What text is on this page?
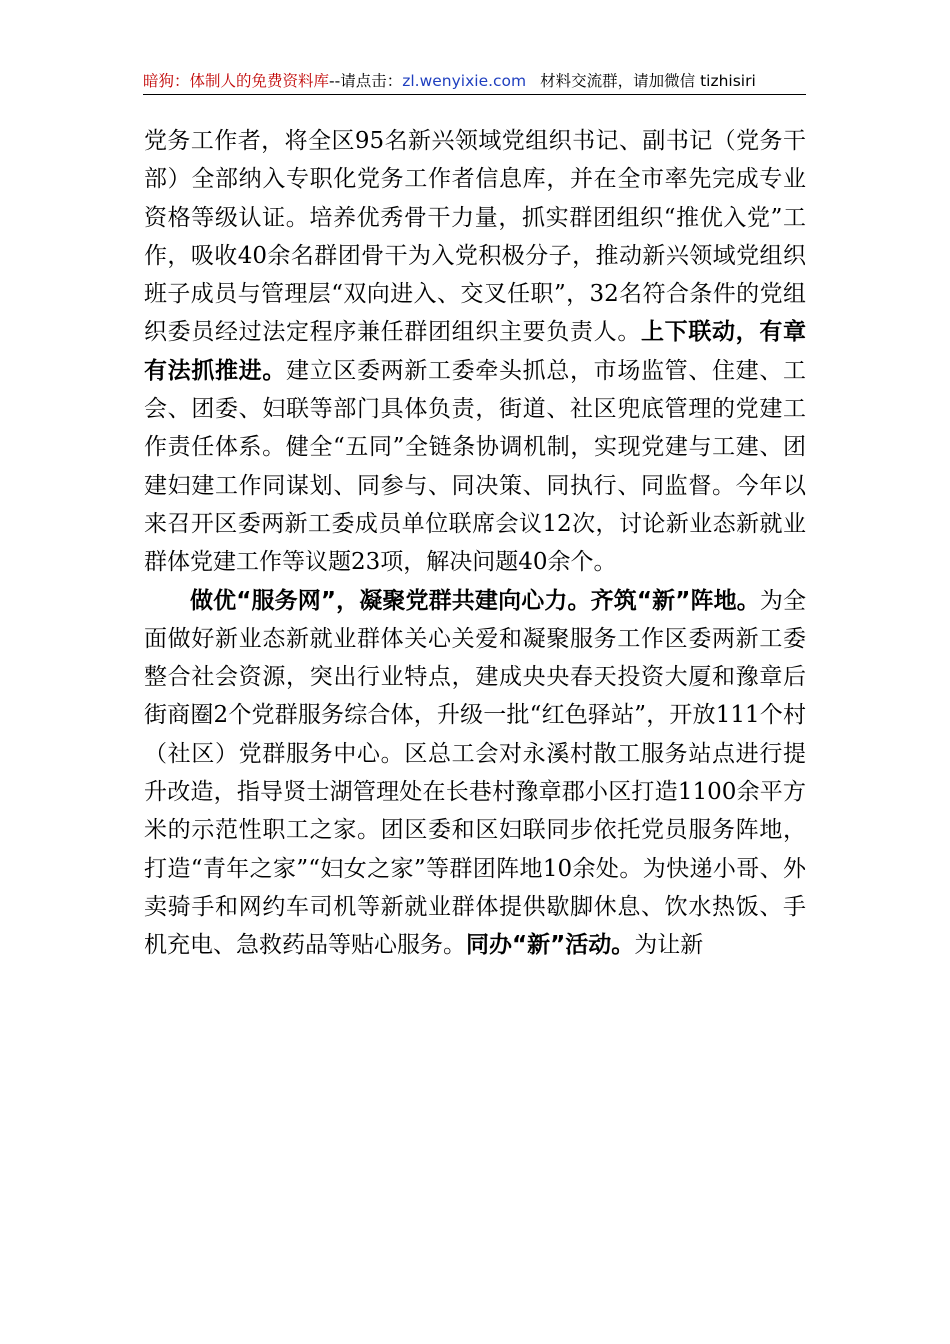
暗狗：体制人的免费资料库--请点击：zl.wenyixie.com 材料交流群，请加微信 tizhisiri

党务工作者，将全区95名新兴领域党组织书记、副书记（党务干部）全部纳入专职化党务工作者信息库，并在全市率先完成专业资格等级认证。培养优秀骨干力量，抓实群团组织“推优入党”工作，吸收40余名群团骨干为入党积极分子，推动新兴领域党组织班子成员与管理层“双向进入、交叉任职”，32名符合条件的党组织委员经过法定程序兼任群团组织主要负责人。上下联动，有章有法抓推进。建立区委两新工委牵头抓总，市场监管、住建、工会、团委、妇联等部门具体负责，街道、社区兜底管理的党建工作责任体系。健全“五同”全链条协调机制，实现党建与工建、团建妇建工作同谋划、同参与、同决策、同执行、同监督。今年以来召开区委两新工委成员单位联席会议12次，讨论新业态新就业群体党建工作等议题23项，解决问题40余个。

做优“服务网”，凝聚党群共建向心力。齐筑“新”阵地。为全面做好新业态新就业群体关心关爱和凝聚服务工作区委两新工委整合社会资源，突出行业特点，建成央央春天投资大厦和豫章后街商圈2个党群服务综合体，升级一批“红色驿站”，开放111个村（社区）党群服务中心。区总工会对永溪村散工服务站点进行提升改造，指导贤士湖管理处在长巷村豫章郡小区打造1100余平方米的示范性职工之家。团区委和区妇联同步依托党员服务阵地，打造“青年之家”“妇女之家”等群团阵地10余处。为快递小哥、外卖骑手和网约车司机等新就业群体提供歇脚休息、饮水热饭、手机充电、急救药品等贴心服务。同办“新”活动。为让新
